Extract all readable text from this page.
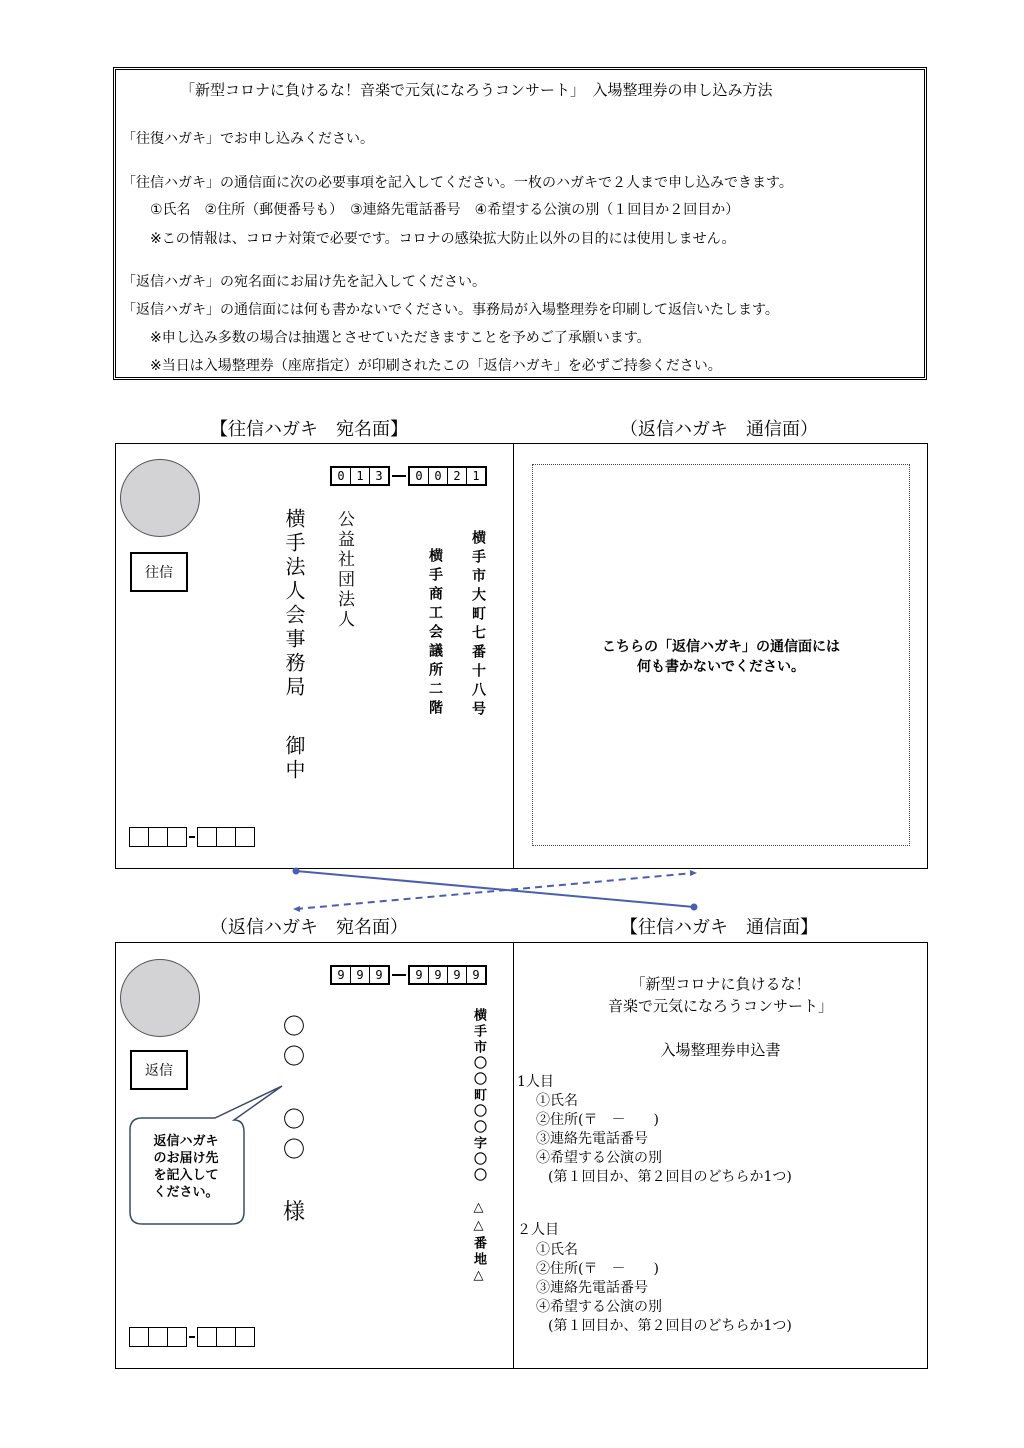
「新型コロナに負けるな！音楽で元気になろうコンサート」　入場整理券の申し込み方法
「往復ハガキ」でお申し込みください。
「往信ハガキ」の通信面に次の必要事項を記入してください。一枚のハガキで２人まで申し込みできます。
①氏名　②住所（郵便番号も）　③連絡先電話番号　④希望する公演の別（１回目か２回目か）
※この情報は、コロナ対策で必要です。コロナの感染拡大防止以外の目的には使用しません。
「返信ハガキ」の宛名面にお届け先を記入してください。
「返信ハガキ」の通信面には何も書かないでください。事務局が入場整理券を印刷して返信いたします。
※申し込み多数の場合は抽選とさせていただきますことを予めご了承願います。
※当日は入場整理券（座席指定）が印刷されたこの「返信ハガキ」を必ずご持参ください。
【往信ハガキ　宛名面】	（返信ハガキ　通信面）
往信
0 1 3	0 0 2 1
横手市大町七番十八号
横手商工会議所二階
公益社団法人
横手法人会事務局
御中
こちらの「返信ハガキ」の通信面には
何も書かないでください。
（返信ハガキ　宛名面）	【往信ハガキ　通信面】
返信
9 9 9	9 9 9 9
横手市〇〇町〇〇字〇〇　△△番地△
〇
〇
〇
〇
様
返信ハガキ
のお届け先
を記入して
ください。
「新型コロナに負けるな！
音楽で元気になろうコンサート」
入場整理券申込書
1人目
①氏名
②住所(〒　－　　)
③連絡先電話番号
④希望する公演の別
(第１回目か、第２回目のどちらか1つ)
２人目
①氏名
②住所(〒　－　　)
③連絡先電話番号
④希望する公演の別
(第１回目か、第２回目のどちらか1つ)
